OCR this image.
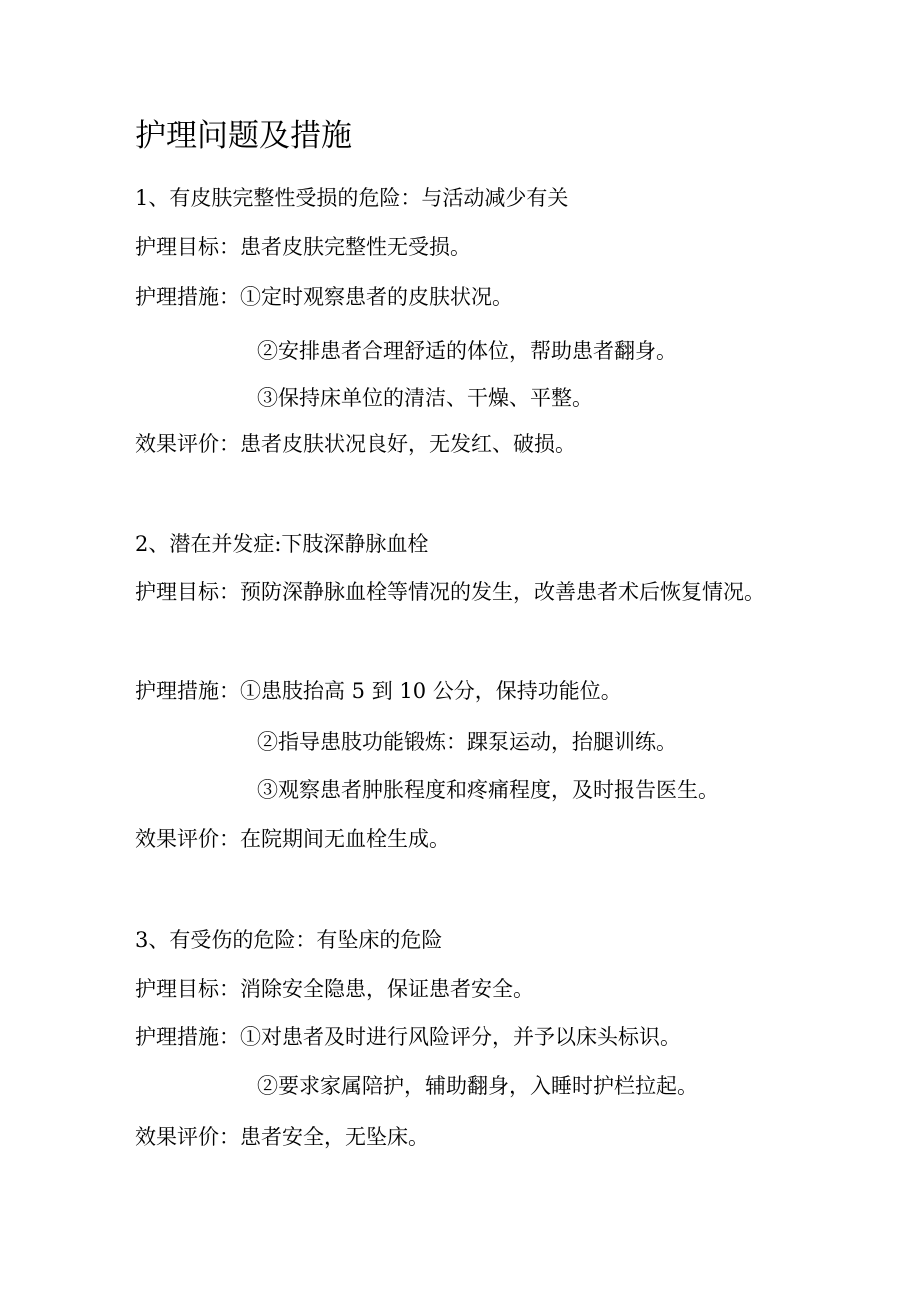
护理问题及措施
1、有皮肤完整性受损的危险：与活动减少有关
护理目标：患者皮肤完整性无受损。
护理措施：①定时观察患者的皮肤状况。
②安排患者合理舒适的体位，帮助患者翻身。
③保持床单位的清洁、干燥、平整。
效果评价：患者皮肤状况良好，无发红、破损。
2、潜在并发症:下肢深静脉血栓
护理目标：预防深静脉血栓等情况的发生，改善患者术后恢复情况。
护理措施：①患肢抬高 5 到 10 公分，保持功能位。
②指导患肢功能锻炼：踝泵运动，抬腿训练。
③观察患者肿胀程度和疼痛程度，及时报告医生。
效果评价：在院期间无血栓生成。
3、有受伤的危险：有坠床的危险
护理目标：消除安全隐患，保证患者安全。
护理措施：①对患者及时进行风险评分，并予以床头标识。
②要求家属陪护，辅助翻身，入睡时护栏拉起。
效果评价：患者安全，无坠床。
